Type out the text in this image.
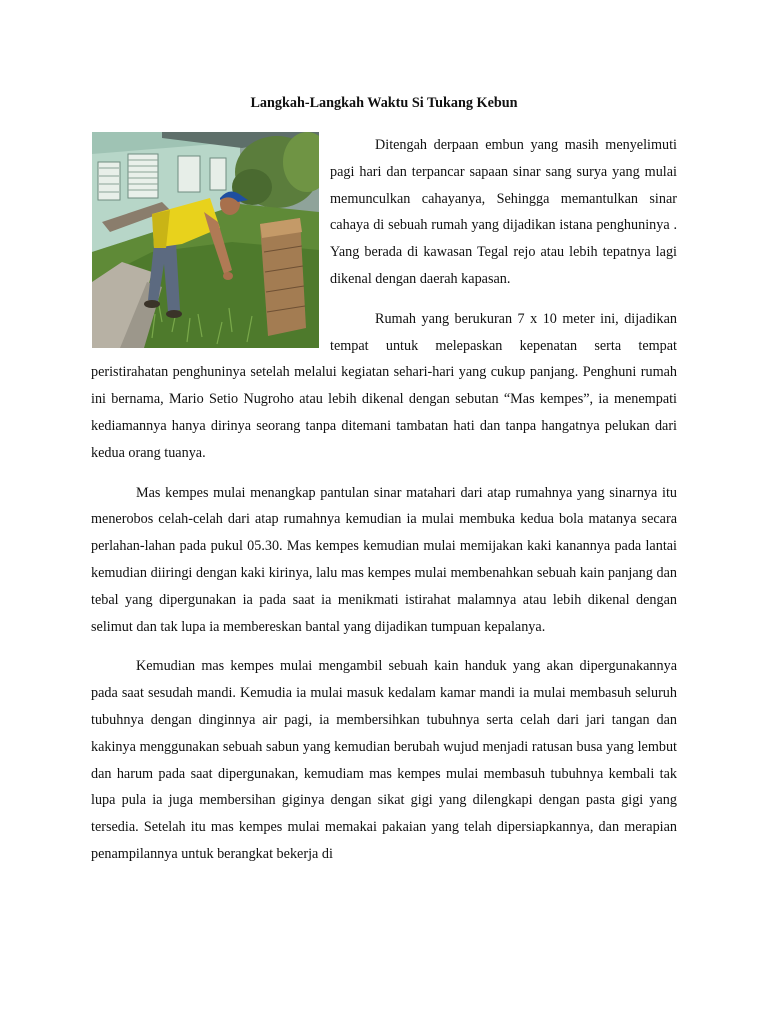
Langkah-Langkah Waktu Si Tukang Kebun

Ditengah derpaan embun yang masih menyelimuti pagi hari dan terpancar sapaan sinar sang surya yang mulai memunculkan cahayanya, Sehingga memantulkan sinar cahaya di sebuah rumah yang dijadikan istana penghuninya . Yang berada di kawasan Tegal rejo atau lebih tepatnya lagi dikenal dengan daerah kapasan.

Rumah yang berukuran 7 x 10 meter ini, dijadikan tempat untuk melepaskan kepenatan serta tempat peristirahatan penghuninya setelah melalui kegiatan sehari-hari yang cukup panjang. Penghuni rumah ini bernama, Mario Setio Nugroho atau lebih dikenal dengan sebutan “Mas kempes”, ia menempati kediamannya hanya dirinya seorang tanpa ditemani tambatan hati dan tanpa hangatnya pelukan dari kedua orang tuanya.

Mas kempes mulai menangkap pantulan sinar matahari dari atap rumahnya yang sinarnya itu menerobos celah-celah dari atap rumahnya kemudian ia mulai membuka kedua bola matanya secara perlahan-lahan pada pukul 05.30. Mas kempes kemudian mulai memijakan kaki kanannya pada lantai kemudian diiringi dengan kaki kirinya, lalu mas kempes mulai membenahkan sebuah kain panjang dan tebal yang dipergunakan ia pada saat ia menikmati istirahat malamnya atau lebih dikenal dengan selimut dan tak lupa ia membereskan bantal yang dijadikan tumpuan kepalanya.

Kemudian mas kempes mulai mengambil sebuah kain handuk yang akan dipergunakannya pada saat sesudah mandi. Kemudia ia mulai masuk kedalam kamar mandi ia mulai membasuh seluruh tubuhnya dengan dinginnya air pagi, ia membersihkan tubuhnya serta celah dari jari tangan dan kakinya menggunakan sebuah sabun yang kemudian berubah wujud menjadi ratusan busa yang lembut dan harum pada saat dipergunakan, kemudiam mas kempes mulai membasuh tubuhnya kembali tak lupa pula ia juga membersihan giginya dengan sikat gigi yang dilengkapi dengan pasta gigi yang tersedia. Setelah itu mas kempes mulai memakai pakaian yang telah dipersiapkannya, dan merapian penampilannya untuk berangkat bekerja di
